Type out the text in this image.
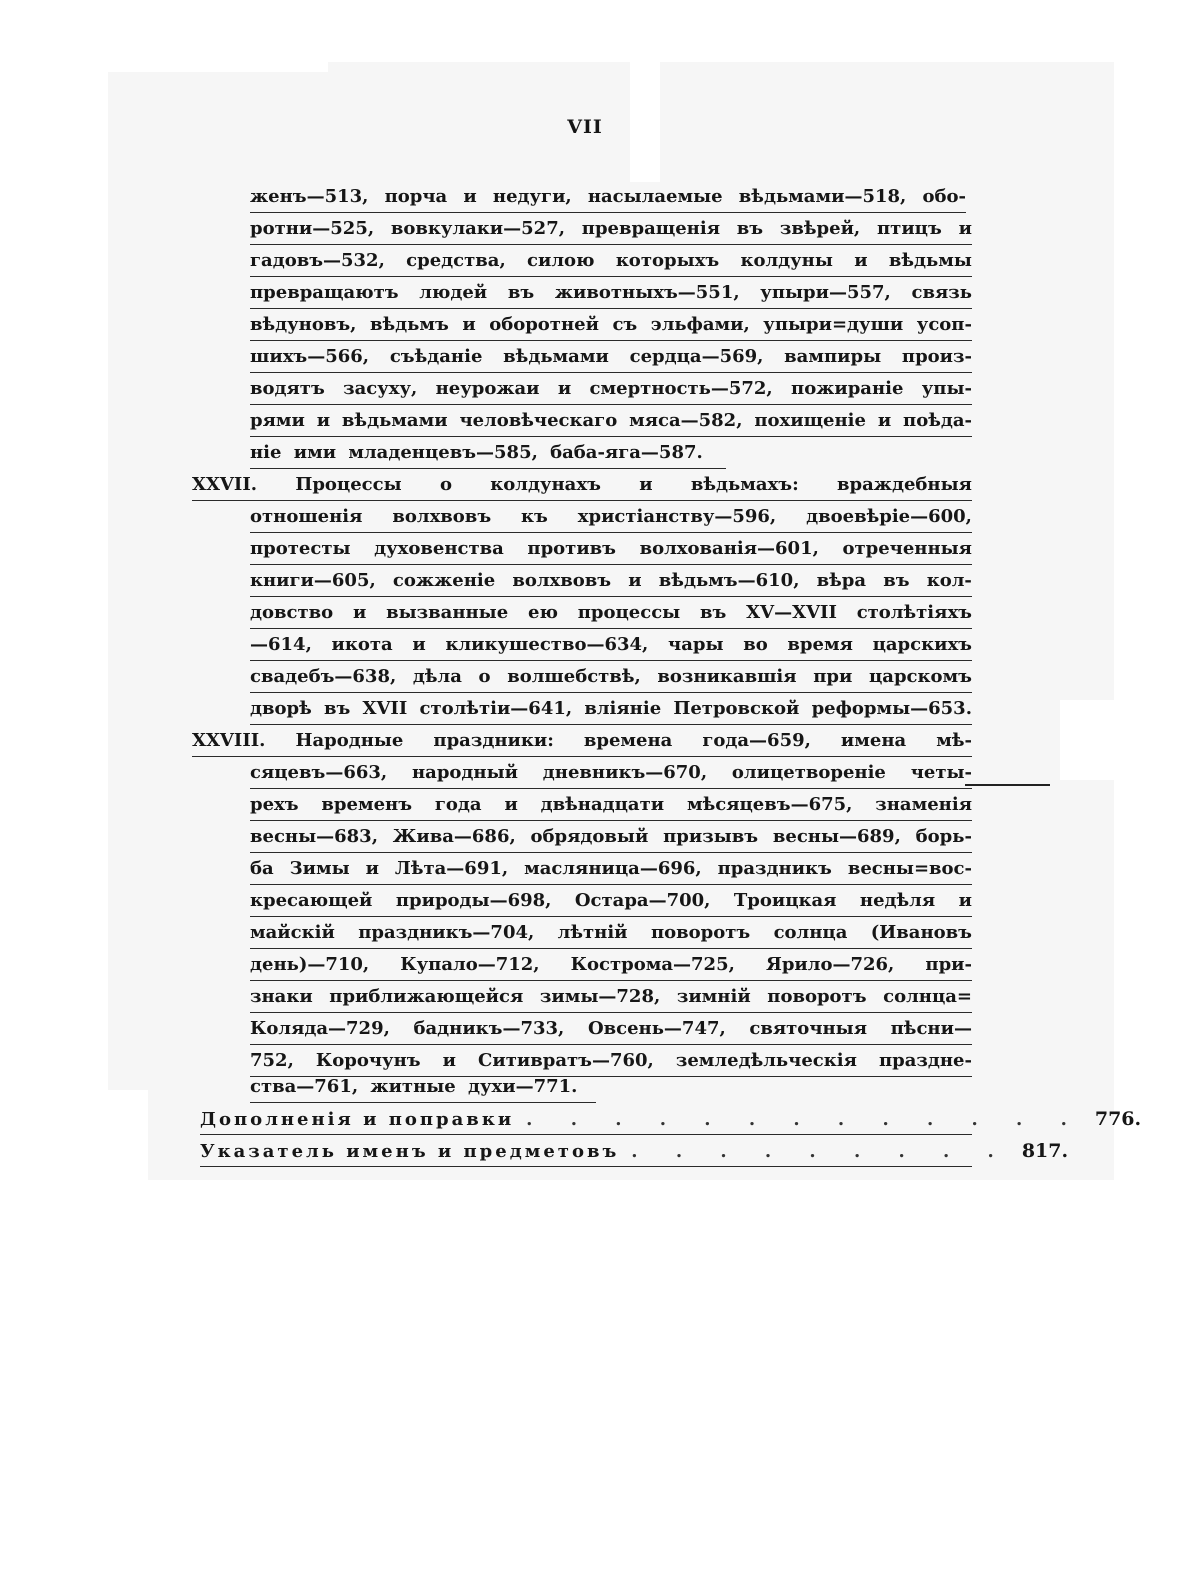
VII
женъ—513, порча и недуги, насылаемые вѣдьмами—518, обо-
ротни—525, вовкулаки—527, превращенія въ звѣрей, птицъ и
гадовъ—532, средства, силою которыхъ колдуны и вѣдьмы
превращаютъ людей въ животныхъ—551, упыри—557, связь
вѣдуновъ, вѣдьмъ и оборотней съ эльфами, упыри=души усоп-
шихъ—566, съѣданіе вѣдьмами сердца—569, вампиры произ-
водятъ засуху, неурожаи и смертность—572, пожираніе упы-
рями и вѣдьмами человѣческаго мяса—582, похищеніе и поѣда-
ніе ими младенцевъ—585, баба-яга—587.
XXVII. Процессы о колдунахъ и вѣдьмахъ: враждебныя
отношенія волхвовъ къ христіанству—596, двоевѣріе—600,
протесты духовенства противъ волхованія—601, отреченныя
книги—605, сожженіе волхвовъ и вѣдьмъ—610, вѣра въ кол-
довство и вызванные ею процессы въ XV—XVII столѣтіяхъ
—614, икота и кликушество—634, чары во время царскихъ
свадебъ—638, дѣла о волшебствѣ, возникавшія при царскомъ
дворѣ въ XVII столѣтіи—641, вліяніе Петровской реформы—653.
XXVIII. Народные праздники: времена года—659, имена мѣ-
сяцевъ—663, народный дневникъ—670, олицетвореніе четы-
рехъ временъ года и двѣнадцати мѣсяцевъ—675, знаменія
весны—683, Жива—686, обрядовый призывъ весны—689, борь-
ба Зимы и Лѣта—691, масляница—696, праздникъ весны=вос-
кресающей природы—698, Остара—700, Троицкая недѣля и
майскій праздникъ—704, лѣтній поворотъ солнца (Ивановъ
день)—710, Купало—712, Кострома—725, Ярило—726, при-
знаки приближающейся зимы—728, зимній поворотъ солнца=
Коляда—729, бадникъ—733, Овсень—747, святочныя пѣсни—
752, Корочунъ и Ситивратъ—760, земледѣльческія праздне-
ства—761, житные духи—771.
Дополненія и поправки . . . . . . . . . . . . . 776.
Указатель именъ и предметовъ . . . . . . . . . 817.
